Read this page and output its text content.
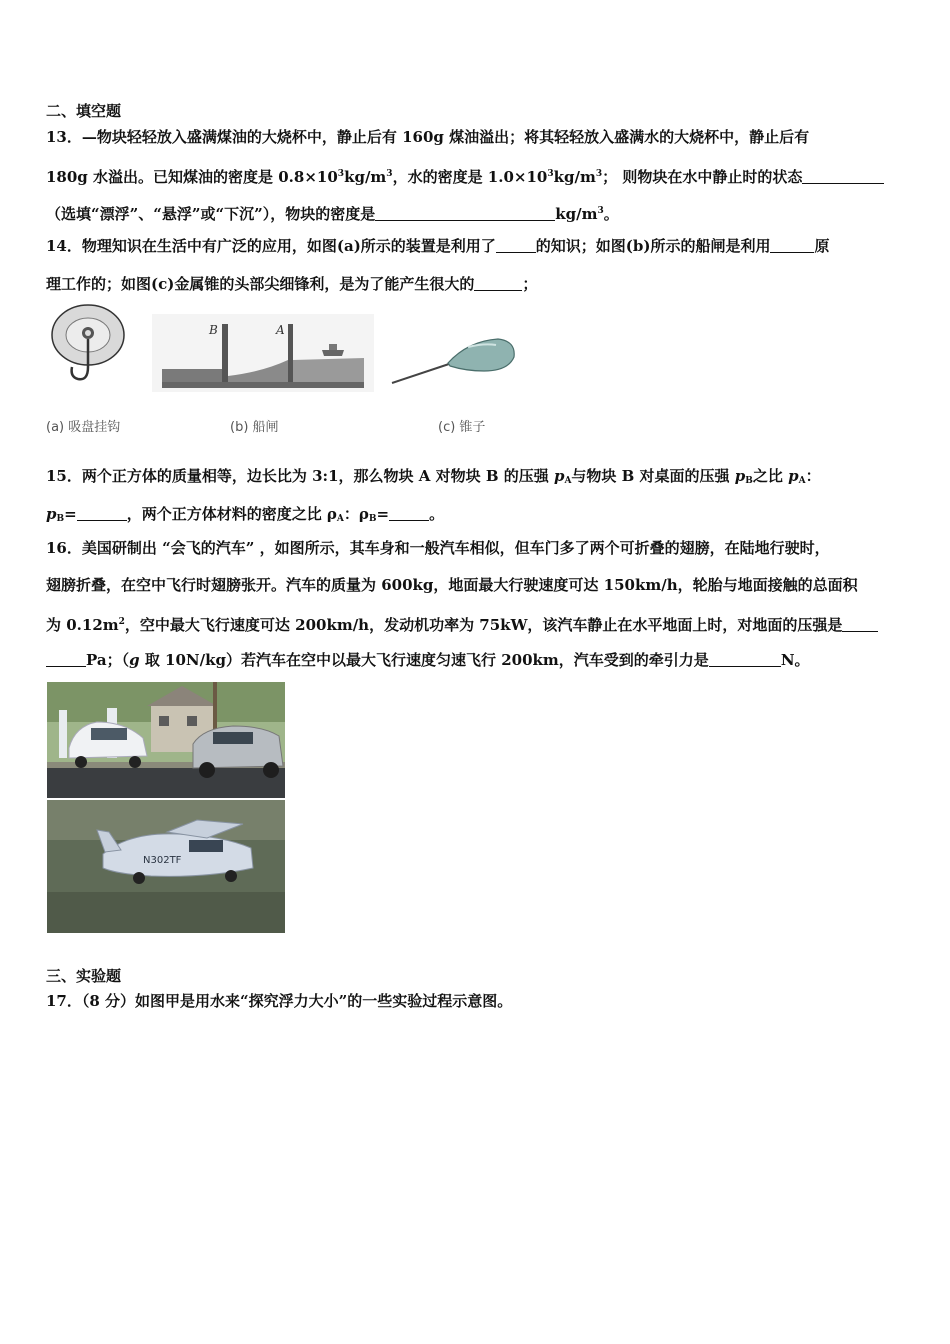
二、填空题
13．—物块轻轻放入盛满煤油的大烧杯中，静止后有 160g 煤油溢出；将其轻轻放入盛满水的大烧杯中，静止后有
180g 水溢出。已知煤油的密度是 $0.8\times 10^3kg/m^3$，水的密度是 $1.0\times 10^3kg/m^3$； 则物块在水中静止时的状态
（选填“漂浮”、“悬浮”或“下沉”），物块的密度是	$kg/m^3$。
14．物理知识在生活中有广泛的应用，如图(a)所示的装置是利用了	的知识；如图(b)所示的船闸是利用	原
理工作的；如图(c)金属锥的头部尖细锋利，是为了能产生很大的	；
B	A
(a) 吸盘挂钩	(b) 船闸	(c) 锥子
15．两个正方体的质量相等，边长比为 3:1，那么物块 A 对物块 B 的压强 $p_A$与物块 B 对桌面的压强 $p_B$之比 $p_A$：
$p_B=$	，两个正方体材料的密度之比 $\rho_A$：$\rho_B=$	。
16．美国研制出 “会飞的汽车” ，如图所示，其车身和一般汽车相似，但车门多了两个可折叠的翅膀，在陆地行驶时，
翅膀折叠，在空中飞行时翅膀张开。汽车的质量为 600kg，地面最大行驶速度可达 150km/h，轮胎与地面接触的总面积
为 $0.12m^2$，空中最大飞行速度可达 200km/h，发动机功率为 75kW，该汽车静止在水平地面上时，对地面的压强是
Pa；（g 取 10N/kg）若汽车在空中以最大飞行速度匀速飞行 200km，汽车受到的牵引力是	N。
N302TF
三、实验题
17．（8 分）如图甲是用水来“探究浮力大小”的一些实验过程示意图。
